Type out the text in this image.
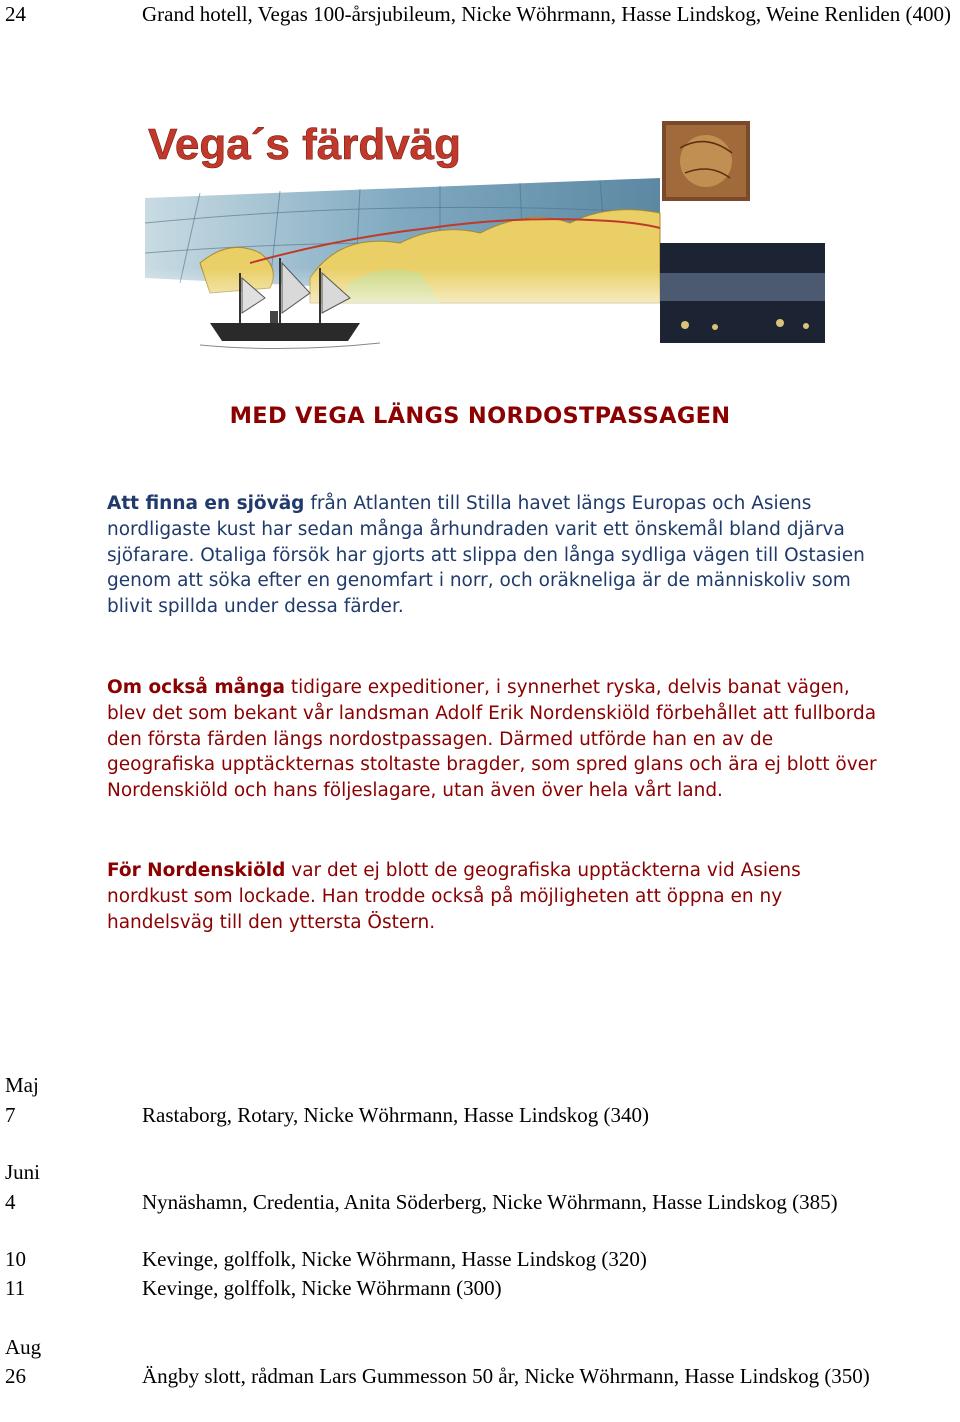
24	Grand hotell, Vegas 100-årsjubileum, Nicke Wöhrmann, Hasse Lindskog, Weine Renliden (400)
Vega´s färdväg
MED VEGA LÄNGS NORDOSTPASSAGEN
Att finna en sjöväg från Atlanten till Stilla havet längs Europas och Asiens nordligaste kust har sedan många århundraden varit ett önskemål bland djärva sjöfarare. Otaliga försök har gjorts att slippa den långa sydliga vägen till Ostasien genom att söka efter en genomfart i norr, och oräkneliga är de människoliv som blivit spillda under dessa färder.
Om också många tidigare expeditioner, i synnerhet ryska, delvis banat vägen, blev det som bekant vår landsman Adolf Erik Nordenskiöld förbehållet att fullborda den första färden längs nordostpassagen. Därmed utförde han en av de geografiska upptäckternas stoltaste bragder, som spred glans och ära ej blott över Nordenskiöld och hans följeslagare, utan även över hela vårt land.
För Nordenskiöld var det ej blott de geografiska upptäckterna vid Asiens nordkust som lockade. Han trodde också på möjligheten att öppna en ny handelsväg till den yttersta Östern.
Maj
7	Rastaborg, Rotary, Nicke Wöhrmann, Hasse Lindskog (340)
Juni
4	Nynäshamn, Credentia, Anita Söderberg, Nicke Wöhrmann, Hasse Lindskog (385)
10	Kevinge, golffolk, Nicke Wöhrmann, Hasse Lindskog (320)
11	Kevinge, golffolk, Nicke Wöhrmann (300)
Aug
26	Ängby slott, rådman Lars Gummesson 50 år, Nicke Wöhrmann, Hasse Lindskog (350)
